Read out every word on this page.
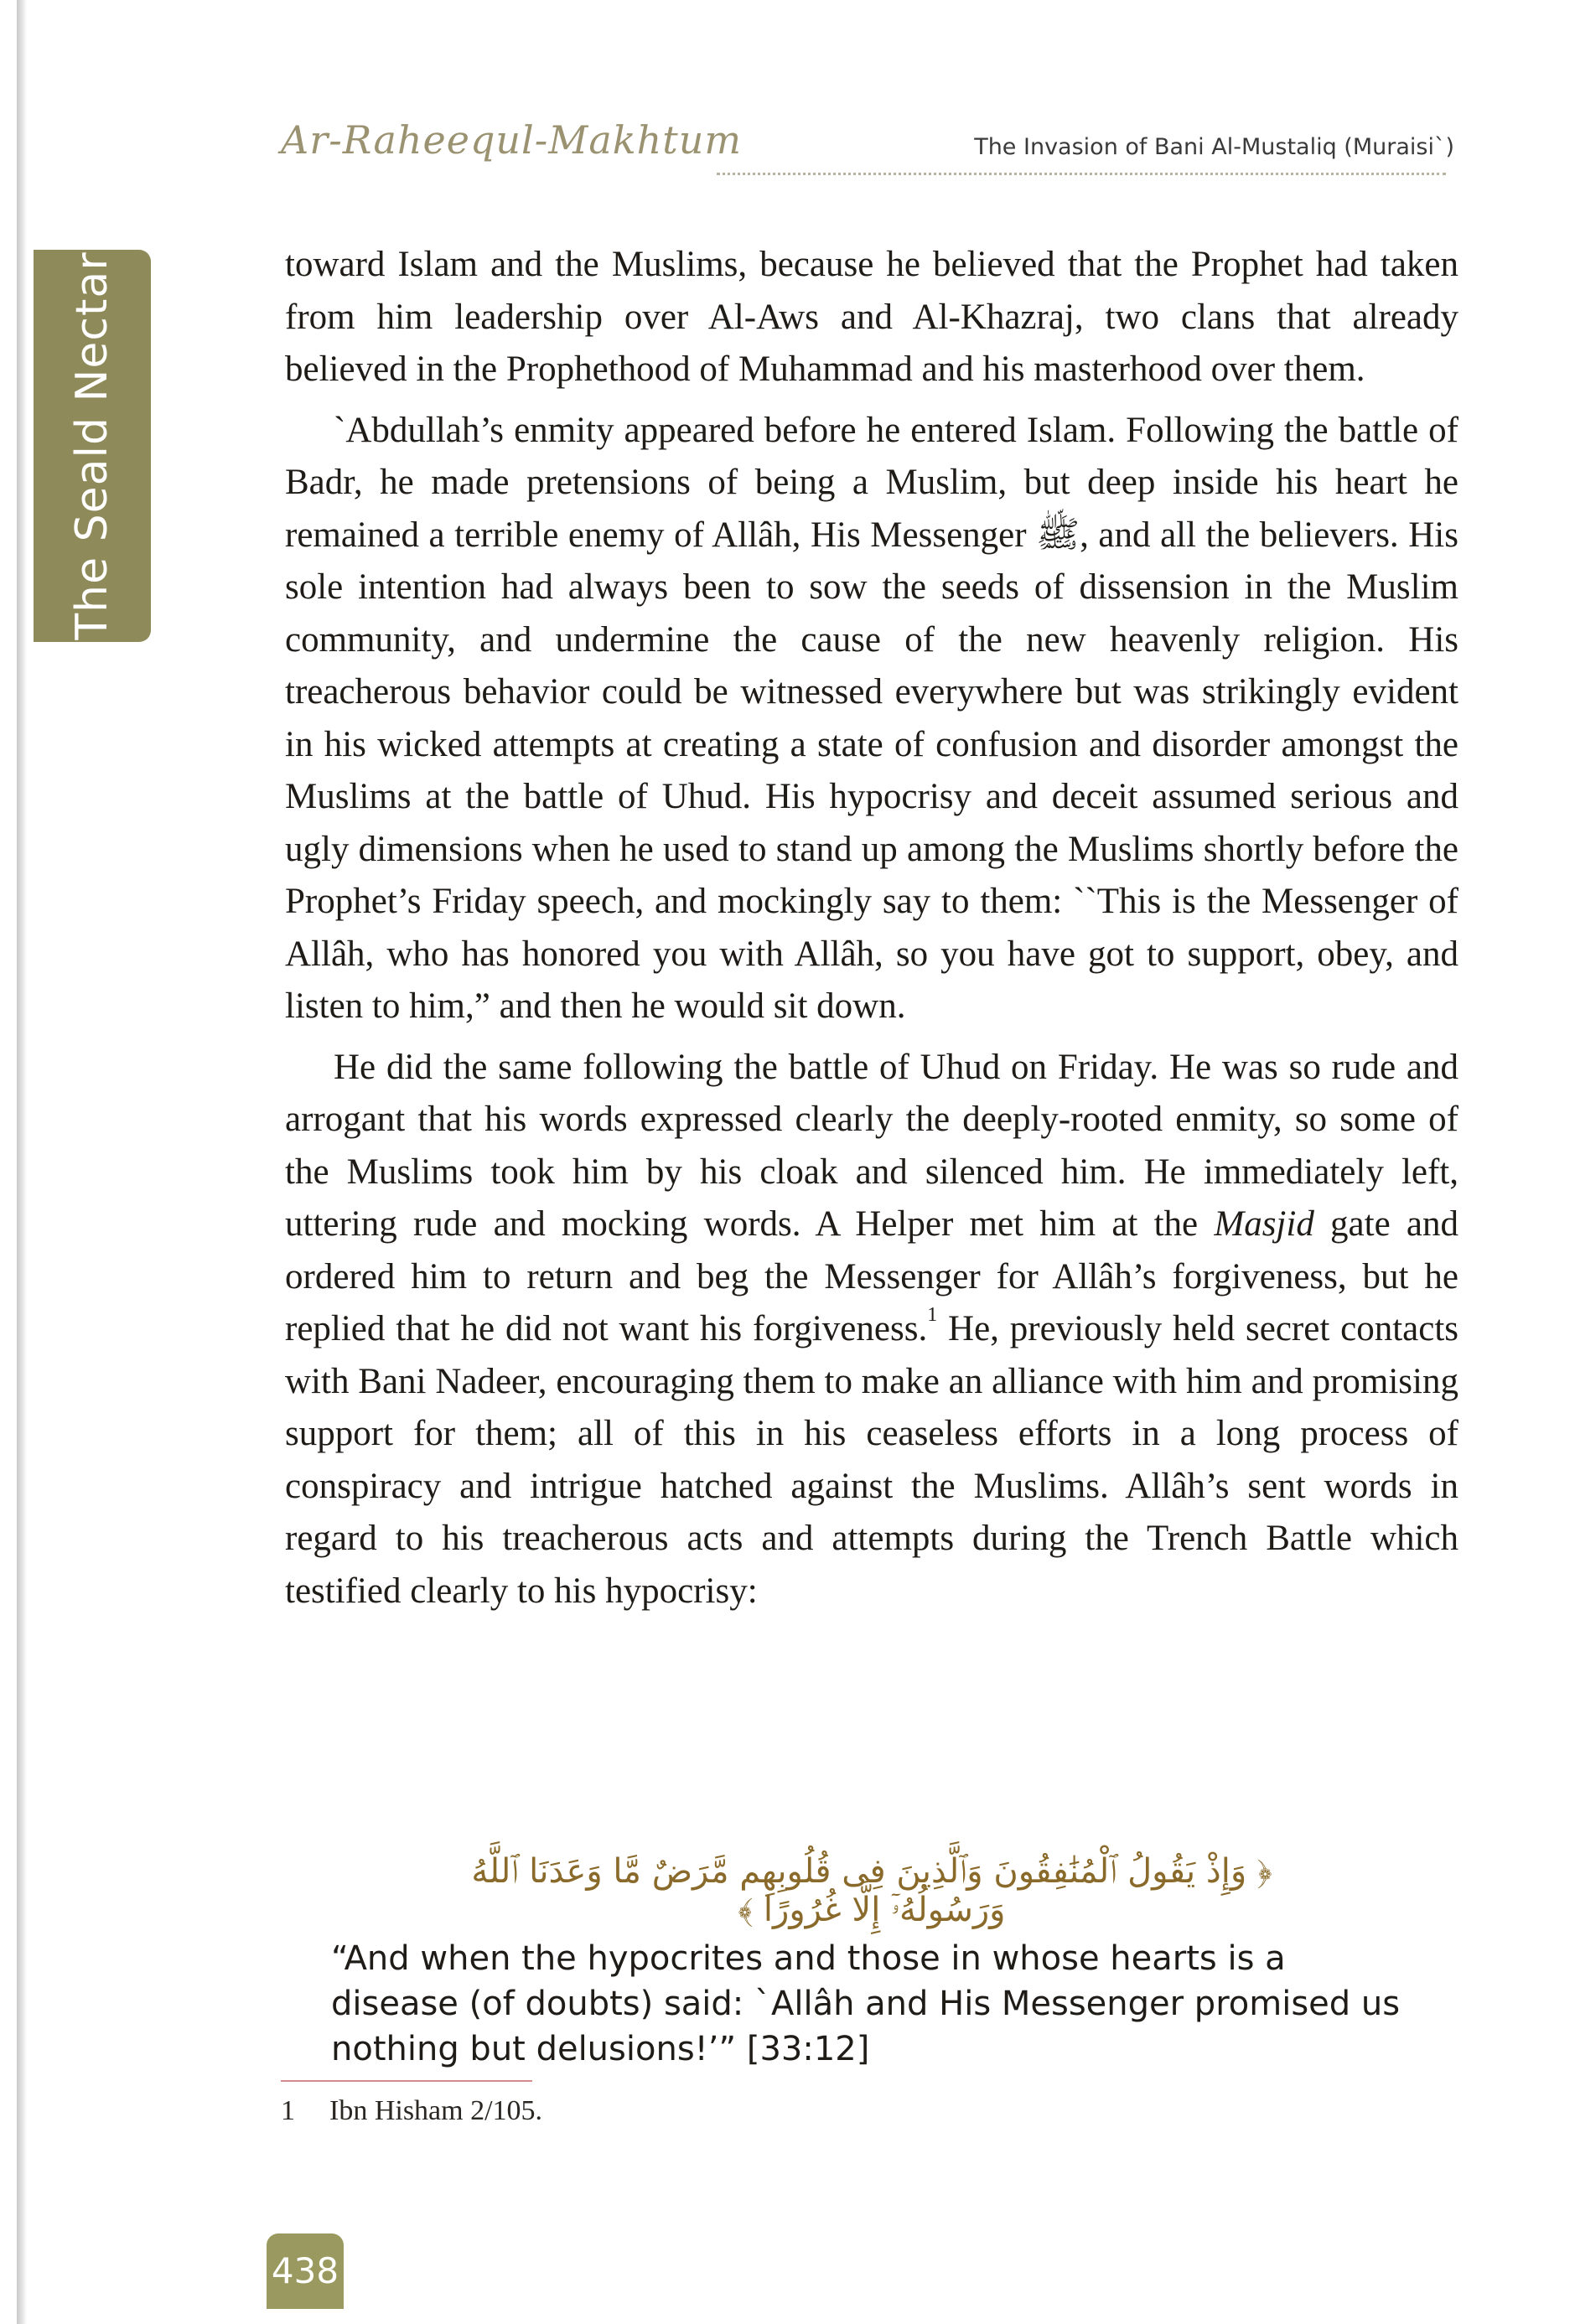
The Seald Nectar
Ar-Raheequl-Makhtum	The Invasion of Bani Al-Mustaliq (Muraisi`)

toward Islam and the Muslims, because he believed that the Prophet had taken from him leadership over Al-Aws and Al-Khazraj, two clans that already believed in the Prophethood of Muhammad and his masterhood over them.

`Abdullah’s enmity appeared before he entered Islam. Following the battle of Badr, he made pretensions of being a Muslim, but deep inside his heart he remained a terrible enemy of Allâh, His Messenger ﷺ, and all the believers. His sole intention had always been to sow the seeds of dissension in the Muslim community, and undermine the cause of the new heavenly religion. His treacherous behavior could be witnessed everywhere but was strikingly evident in his wicked attempts at creating a state of confusion and disorder amongst the Muslims at the battle of Uhud. His hypocrisy and deceit assumed serious and ugly dimensions when he used to stand up among the Muslims shortly before the Prophet’s Friday speech, and mockingly say to them: ``This is the Messenger of Allâh, who has honored you with Allâh, so you have got to support, obey, and listen to him,” and then he would sit down.

He did the same following the battle of Uhud on Friday. He was so rude and arrogant that his words expressed clearly the deeply-rooted enmity, so some of the Muslims took him by his cloak and silenced him. He immediately left, uttering rude and mocking words. A Helper met him at the Masjid gate and ordered him to return and beg the Messenger for Allâh’s forgiveness, but he replied that he did not want his forgiveness.$^1$ He, previously held secret contacts with Bani Nadeer, encouraging them to make an alliance with him and promising support for them; all of this in his ceaseless efforts in a long process of conspiracy and intrigue hatched against the Muslims. Allâh’s sent words in regard to his treacherous acts and attempts during the Trench Battle which testified clearly to his hypocrisy:

﴿ وَإِذْ يَقُولُ ٱلْمُنَٰفِقُونَ وَٱلَّذِينَ فِى قُلُوبِهِم مَّرَضٌ مَّا وَعَدَنَا ٱللَّهُ وَرَسُولُهُۥٓ إِلَّا غُرُورًا ﴾
“And when the hypocrites and those in whose hearts is a disease (of doubts) said: `Allâh and His Messenger promised us nothing but delusions!’” [33:12]
1 Ibn Hisham 2/105.
438
